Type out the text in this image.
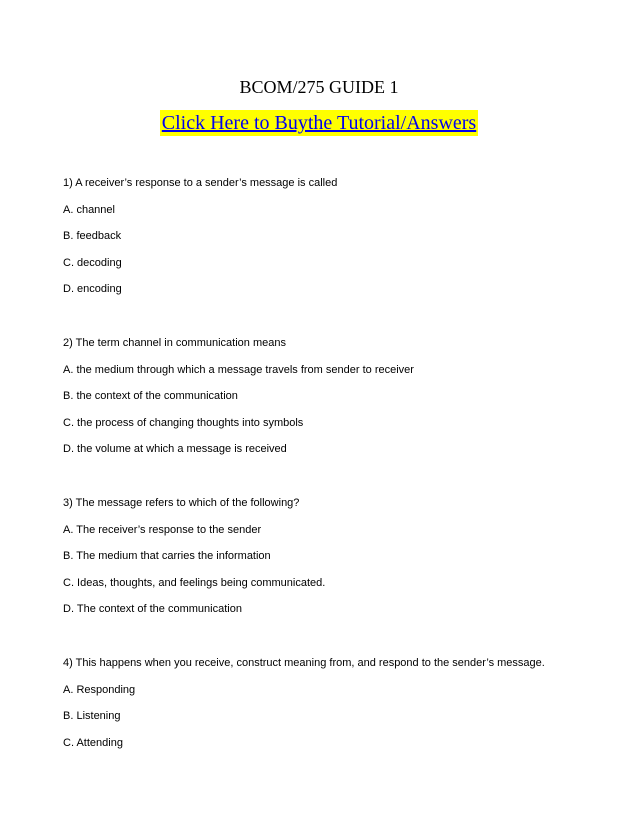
BCOM/275 GUIDE 1
Click Here to Buythe Tutorial/Answers
1) A receiver’s response to a sender’s message is called
A. channel
B. feedback
C. decoding
D. encoding
2) The term channel in communication means
A. the medium through which a message travels from sender to receiver
B. the context of the communication
C. the process of changing thoughts into symbols
D. the volume at which a message is received
3) The message refers to which of the following?
A. The receiver’s response to the sender
B. The medium that carries the information
C. Ideas, thoughts, and feelings being communicated.
D. The context of the communication
4) This happens when you receive, construct meaning from, and respond to the sender’s message.
A. Responding
B. Listening
C. Attending
